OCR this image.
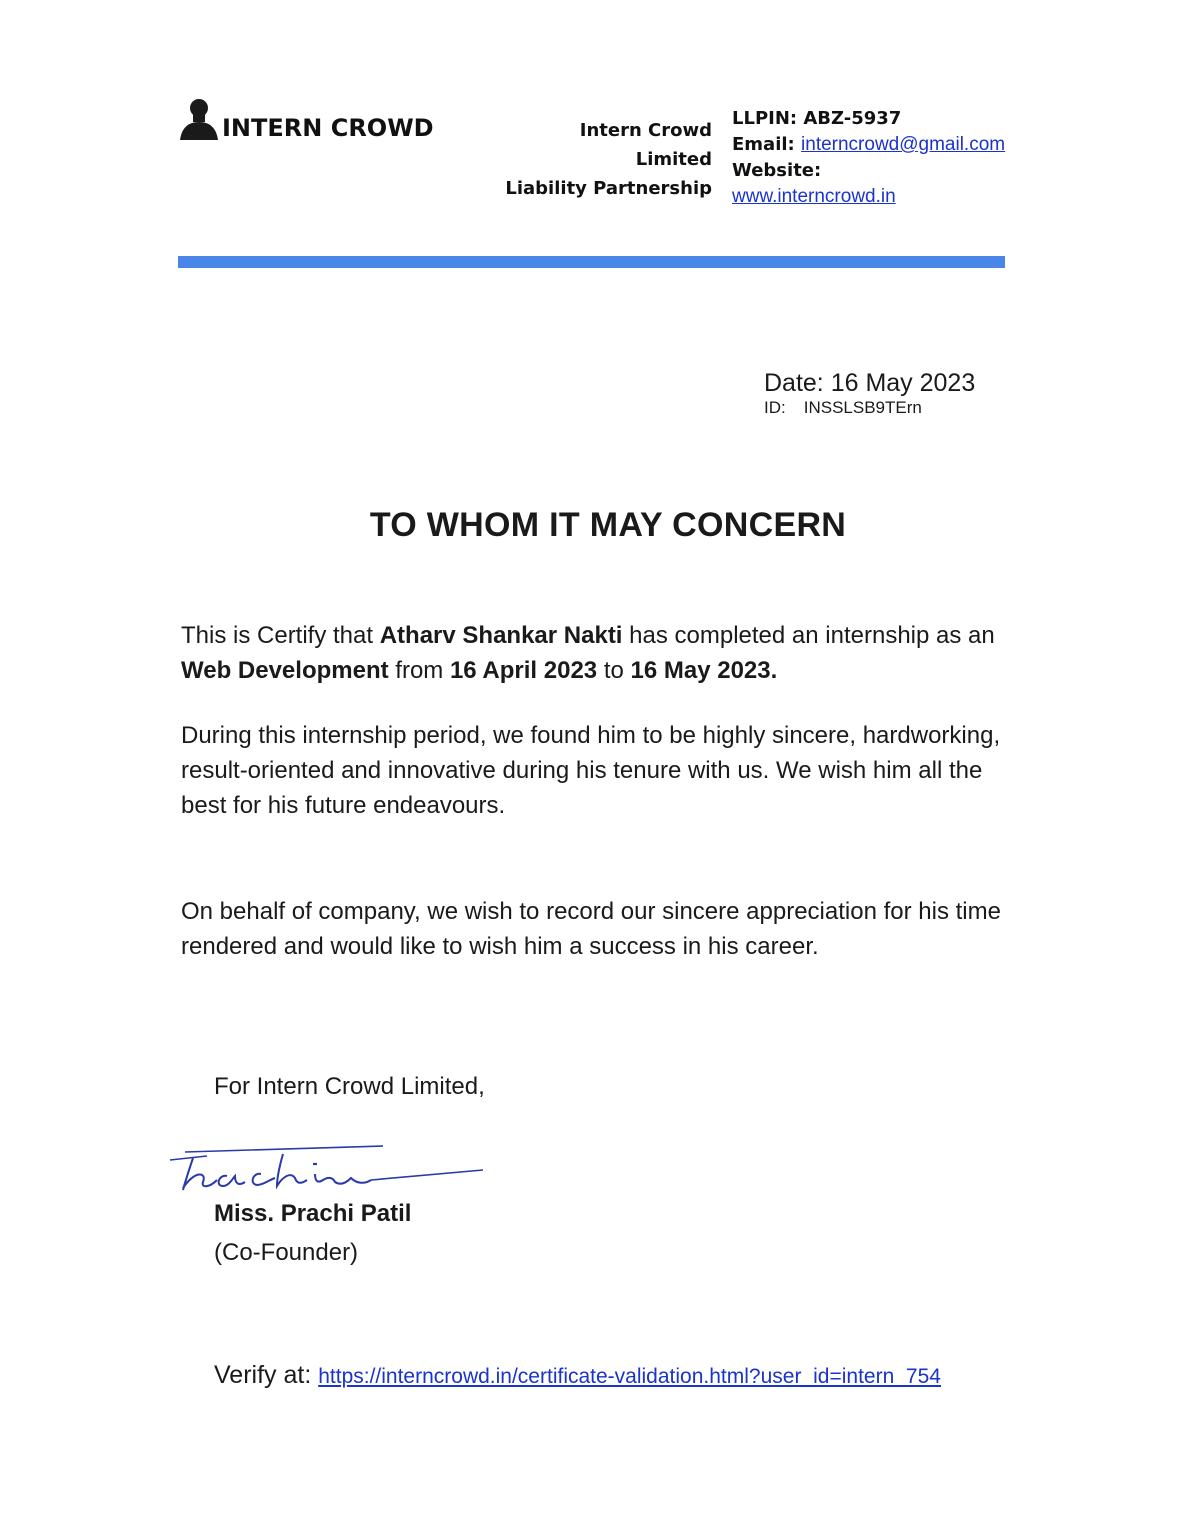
INTERN CROWD	Intern Crowd Limited
Liability Partnership
LLPIN: ABZ-5937
Email: interncrowd@gmail.com
Website:
www.interncrowd.in
Date: 16 May 2023
ID: INSSLSB9TErn
TO WHOM IT MAY CONCERN
This is Certify that Atharv Shankar Nakti has completed an internship as an Web Development from 16 April 2023 to 16 May 2023.
During this internship period, we found him to be highly sincere, hardworking, result-oriented and innovative during his tenure with us. We wish him all the best for his future endeavours.
On behalf of company, we wish to record our sincere appreciation for his time rendered and would like to wish him a success in his career.
For Intern Crowd Limited,
Miss. Prachi Patil
(Co-Founder)
Verify at: https://interncrowd.in/certificate-validation.html?user_id=intern_754
